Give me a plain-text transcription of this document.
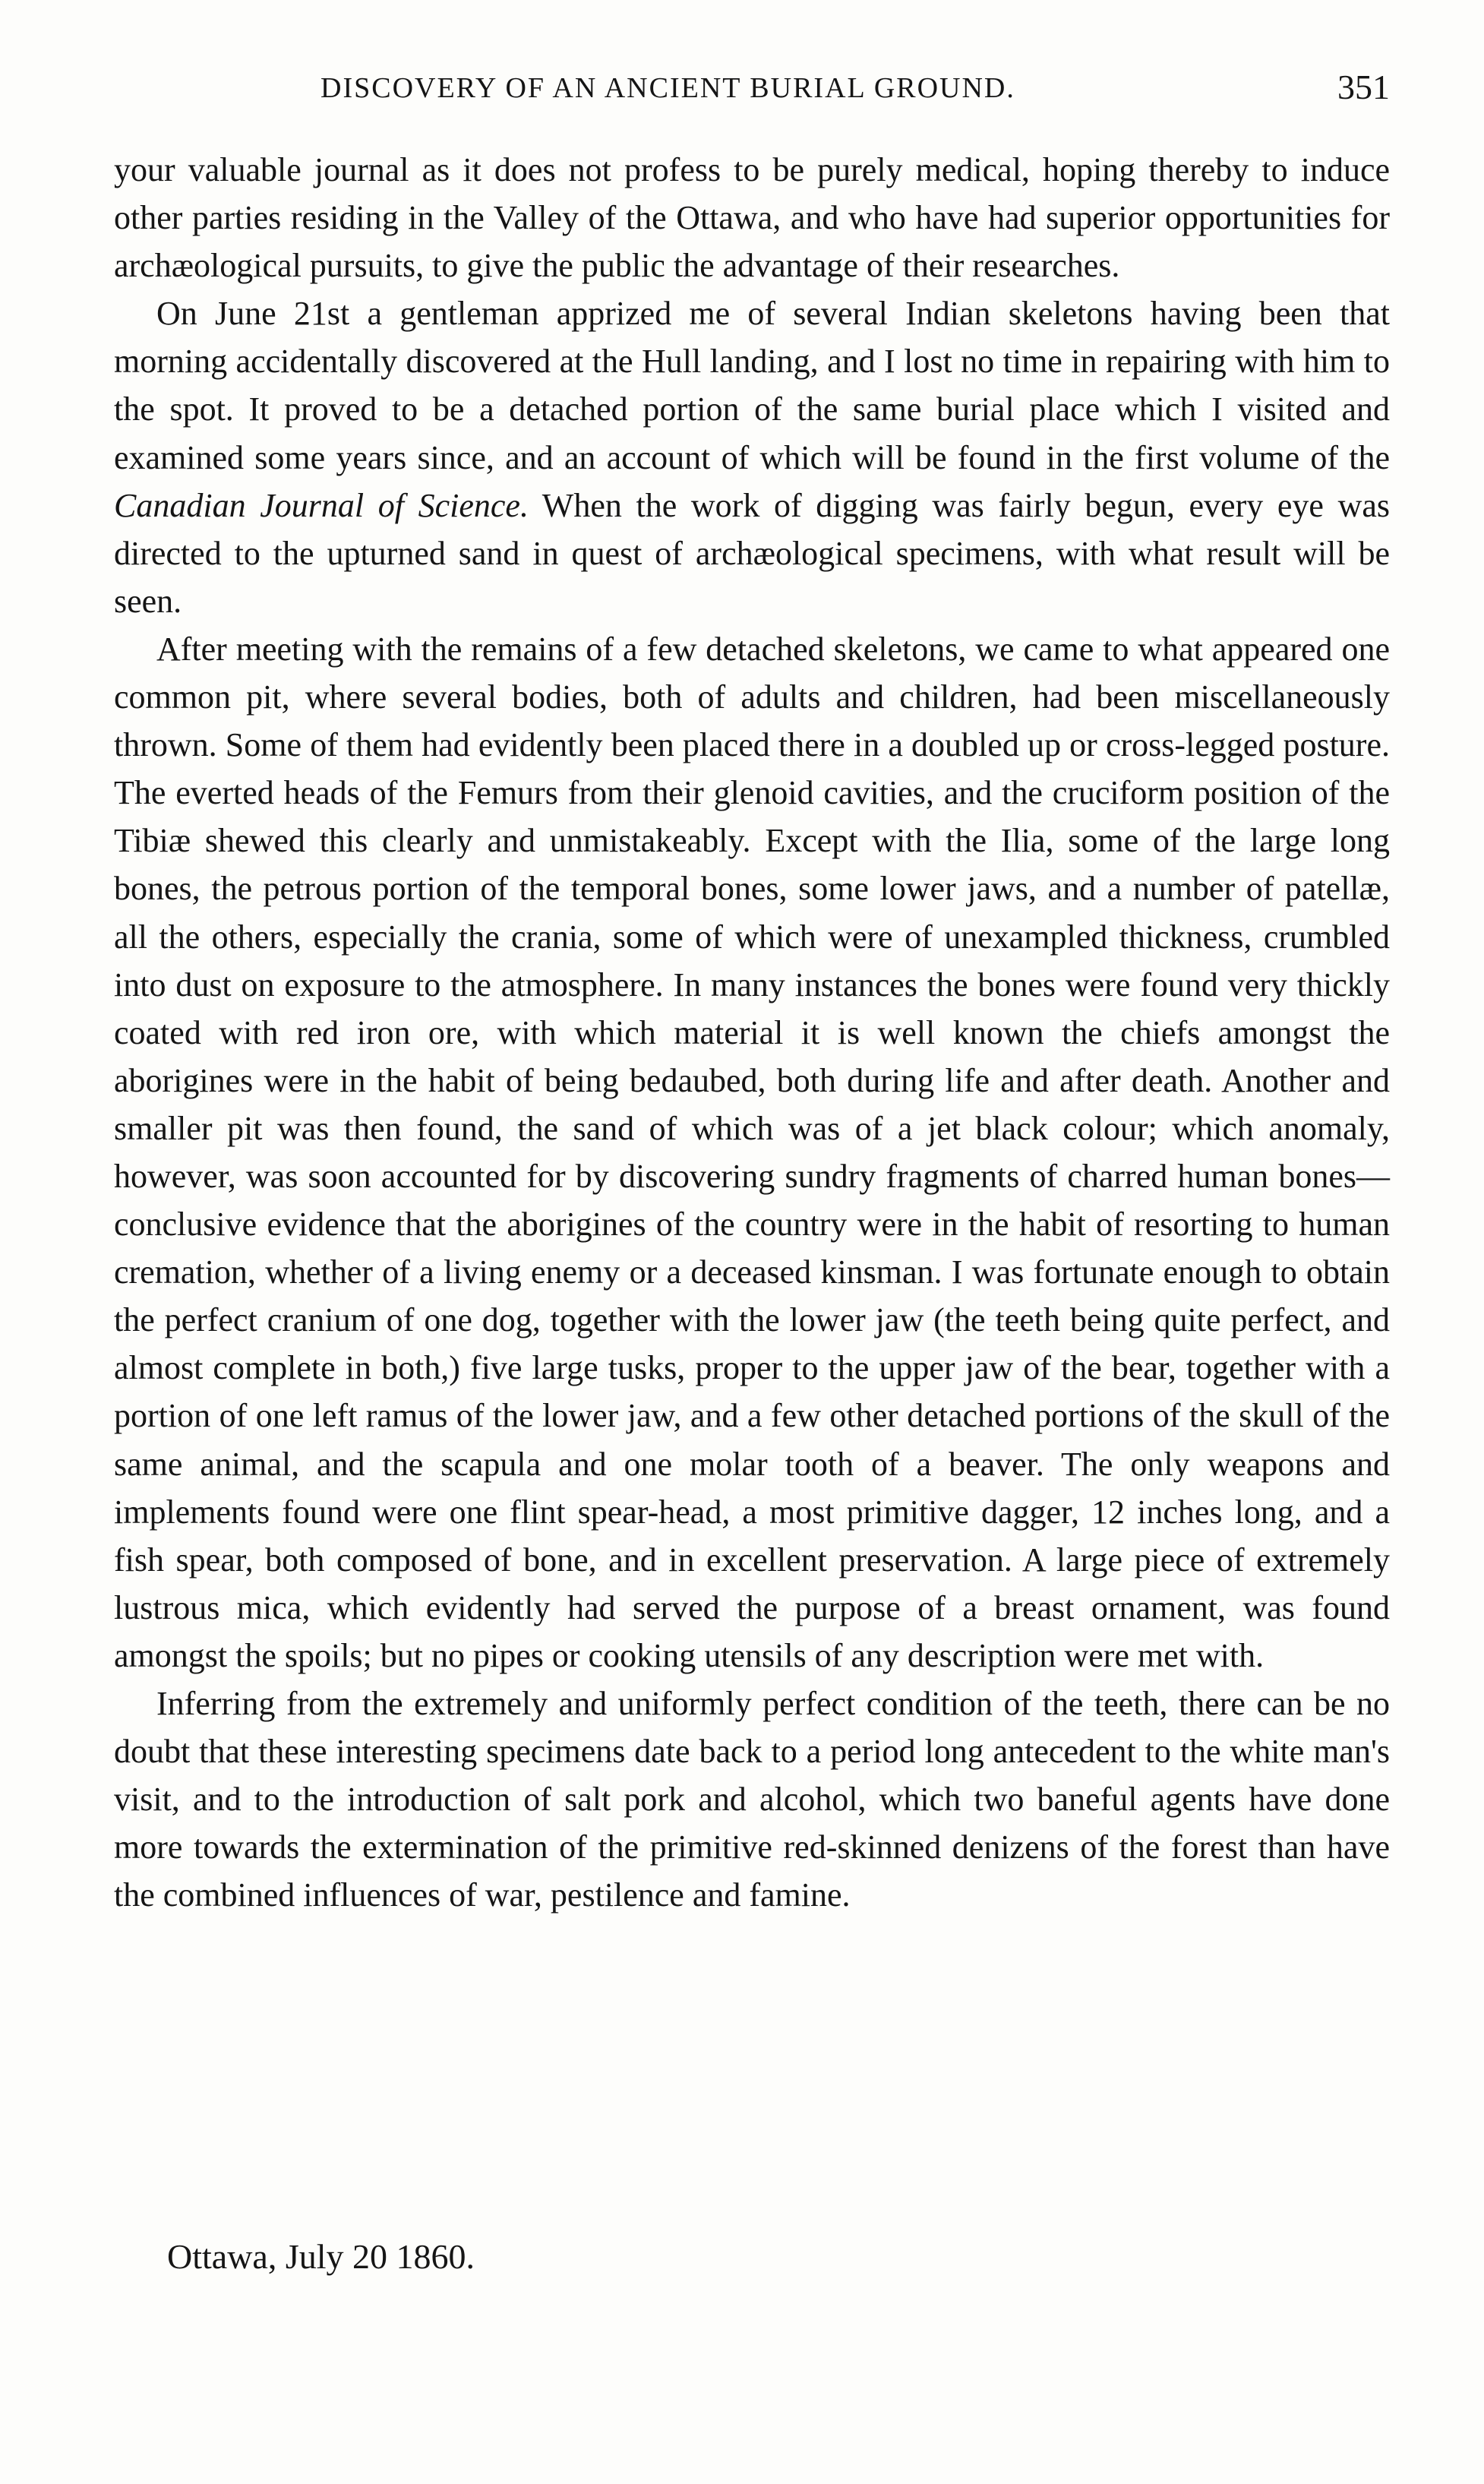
DISCOVERY OF AN ANCIENT BURIAL GROUND.	351

your valuable journal as it does not profess to be purely medical, hoping thereby to induce other parties residing in the Valley of the Ottawa, and who have had superior opportunities for archæological pursuits, to give the public the advantage of their researches.

On June 21st a gentleman apprized me of several Indian skeletons having been that morning accidentally discovered at the Hull landing, and I lost no time in repairing with him to the spot. It proved to be a detached portion of the same burial place which I visited and examined some years since, and an account of which will be found in the first volume of the Canadian Journal of Science. When the work of digging was fairly begun, every eye was directed to the upturned sand in quest of archæological specimens, with what result will be seen.

After meeting with the remains of a few detached skeletons, we came to what appeared one common pit, where several bodies, both of adults and children, had been miscellaneously thrown. Some of them had evidently been placed there in a doubled up or cross-legged posture. The everted heads of the Femurs from their glenoid cavities, and the cruciform position of the Tibiæ shewed this clearly and unmistakeably. Except with the Ilia, some of the large long bones, the petrous portion of the temporal bones, some lower jaws, and a number of patellæ, all the others, especially the crania, some of which were of unexampled thickness, crumbled into dust on exposure to the atmosphere. In many instances the bones were found very thickly coated with red iron ore, with which material it is well known the chiefs amongst the aborigines were in the habit of being bedaubed, both during life and after death. Another and smaller pit was then found, the sand of which was of a jet black colour; which anomaly, however, was soon accounted for by discovering sundry fragments of charred human bones—conclusive evidence that the aborigines of the country were in the habit of resorting to human cremation, whether of a living enemy or a deceased kinsman. I was fortunate enough to obtain the perfect cranium of one dog, together with the lower jaw (the teeth being quite perfect, and almost complete in both,) five large tusks, proper to the upper jaw of the bear, together with a portion of one left ramus of the lower jaw, and a few other detached portions of the skull of the same animal, and the scapula and one molar tooth of a beaver. The only weapons and implements found were one flint spear-head, a most primitive dagger, 12 inches long, and a fish spear, both composed of bone, and in excellent preservation. A large piece of extremely lustrous mica, which evidently had served the purpose of a breast ornament, was found amongst the spoils; but no pipes or cooking utensils of any description were met with.

Inferring from the extremely and uniformly perfect condition of the teeth, there can be no doubt that these interesting specimens date back to a period long antecedent to the white man's visit, and to the introduction of salt pork and alcohol, which two baneful agents have done more towards the extermination of the primitive red-skinned denizens of the forest than have the combined influences of war, pestilence and famine.

Ottawa, July 20 1860.
